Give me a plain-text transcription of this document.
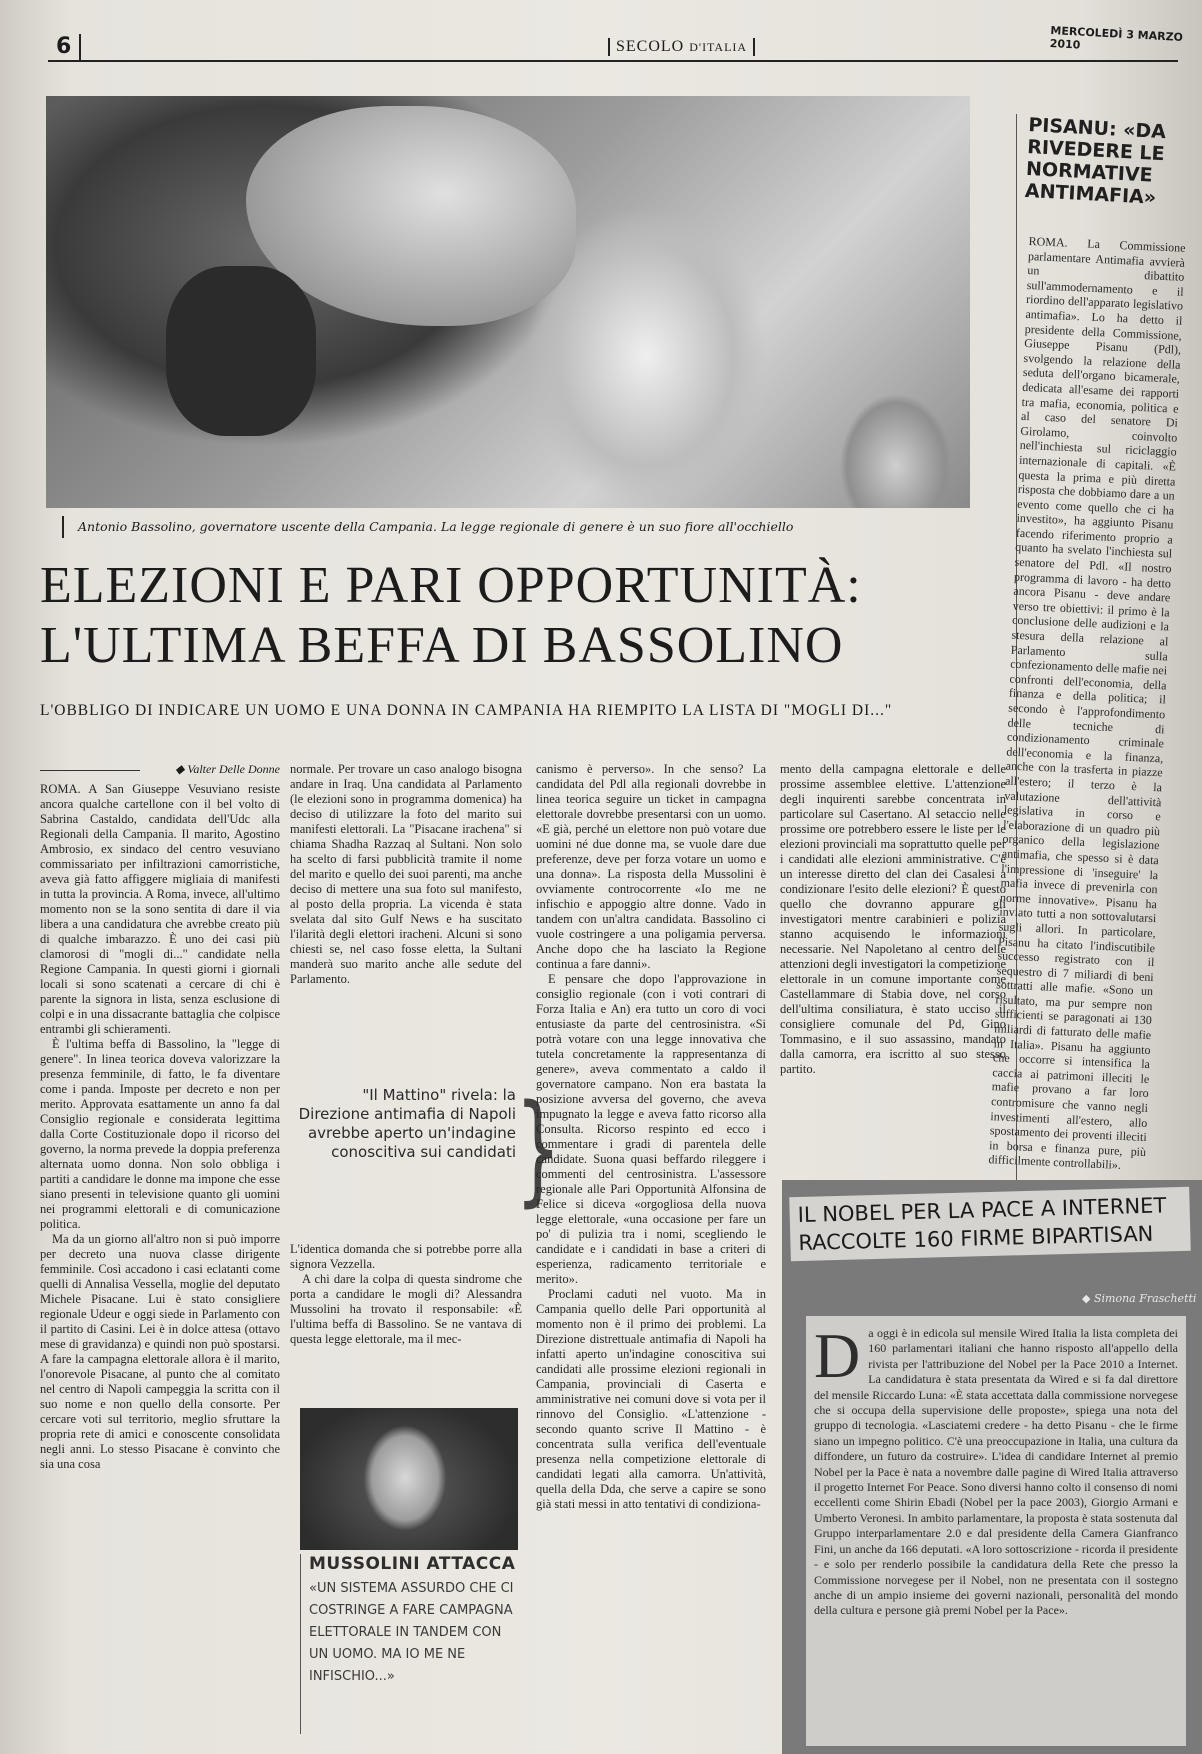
6	SECOLO D'ITALIA
MERCOLEDÌ 3 MARZO 2010
Antonio Bassolino, governatore uscente della Campania. La legge regionale di genere è un suo fiore all'occhiello
ELEZIONI E PARI OPPORTUNITÀ:
L'ULTIMA BEFFA DI BASSOLINO
L'OBBLIGO DI INDICARE UN UOMO E UNA DONNA IN CAMPANIA HA RIEMPITO LA LISTA DI "MOGLI DI..."
◆ Valter Delle Donne

ROMA. A San Giuseppe Vesuviano resiste ancora qualche cartellone con il bel volto di Sabrina Castaldo, candidata dell'Udc alla Regionali della Campania. Il marito, Agostino Ambrosio, ex sindaco del centro vesuviano commissariato per infiltrazioni camorristiche, aveva già fatto affiggere migliaia di manifesti in tutta la provincia. A Roma, invece, all'ultimo momento non se la sono sentita di dare il via libera a una candidatura che avrebbe creato più di qualche imbarazzo. È uno dei casi più clamorosi di "mogli di..." candidate nella Regione Campania. In questi giorni i giornali locali si sono scatenati a cercare di chi è parente la signora in lista, senza esclusione di colpi e in una dissacrante battaglia che colpisce entrambi gli schieramenti.

È l'ultima beffa di Bassolino, la "legge di genere". In linea teorica doveva valorizzare la presenza femminile, di fatto, le fa diventare come i panda. Imposte per decreto e non per merito. Approvata esattamente un anno fa dal Consiglio regionale e considerata legittima dalla Corte Costituzionale dopo il ricorso del governo, la norma prevede la doppia preferenza alternata uomo donna. Non solo obbliga i partiti a candidare le donne ma impone che esse siano presenti in televisione quanto gli uomini nei programmi elettorali e di comunicazione politica.

Ma da un giorno all'altro non si può imporre per decreto una nuova classe dirigente femminile. Così accadono i casi eclatanti come quelli di Annalisa Vessella, moglie del deputato Michele Pisacane. Lui è stato consigliere regionale Udeur e oggi siede in Parlamento con il partito di Casini. Lei è in dolce attesa (ottavo mese di gravidanza) e quindi non può spostarsi. A fare la campagna elettorale allora è il marito, l'onorevole Pisacane, al punto che al comitato nel centro di Napoli campeggia la scritta con il suo nome e non quello della consorte. Per cercare voti sul territorio, meglio sfruttare la propria rete di amici e conoscente consolidata negli anni. Lo stesso Pisacane è convinto che sia una cosa

normale. Per trovare un caso analogo bisogna andare in Iraq. Una candidata al Parlamento (le elezioni sono in programma domenica) ha deciso di utilizzare la foto del marito sui manifesti elettorali. La "Pisacane irachena" si chiama Shadha Razzaq al Sultani. Non solo ha scelto di farsi pubblicità tramite il nome del marito e quello dei suoi parenti, ma anche deciso di mettere una sua foto sul manifesto, al posto della propria. La vicenda è stata svelata dal sito Gulf News e ha suscitato l'ilarità degli elettori iracheni. Alcuni si sono chiesti se, nel caso fosse eletta, la Sultani manderà suo marito anche alle sedute del Parlamento.

"Il Mattino" rivela: la Direzione antimafia di Napoli avrebbe aperto un'indagine conoscitiva sui candidati }

L'identica domanda che si potrebbe porre alla signora Vezzella.

A chi dare la colpa di questa sindrome che porta a candidare le mogli di? Alessandra Mussolini ha trovato il responsabile: «È l'ultima beffa di Bassolino. Se ne vantava di questa legge elettorale, ma il mec-

MUSSOLINI ATTACCA
«UN SISTEMA ASSURDO CHE CI COSTRINGE A FARE CAMPAGNA ELETTORALE IN TANDEM CON UN UOMO. MA IO ME NE INFISCHIO...»

canismo è perverso». In che senso? La candidata del Pdl alla regionali dovrebbe in linea teorica seguire un ticket in campagna elettorale dovrebbe presentarsi con un uomo. «E già, perché un elettore non può votare due uomini né due donne ma, se vuole dare due preferenze, deve per forza votare un uomo e una donna». La risposta della Mussolini è ovviamente controcorrente «Io me ne infischio e appoggio altre donne. Vado in tandem con un'altra candidata. Bassolino ci vuole costringere a una poligamia perversa. Anche dopo che ha lasciato la Regione continua a fare danni».

E pensare che dopo l'approvazione in consiglio regionale (con i voti contrari di Forza Italia e An) era tutto un coro di voci entusiaste da parte del centrosinistra. «Si potrà votare con una legge innovativa che tutela concretamente la rappresentanza di genere», aveva commentato a caldo il governatore campano. Non era bastata la posizione avversa del governo, che aveva impugnato la legge e aveva fatto ricorso alla Consulta. Ricorso respinto ed ecco i commentare i gradi di parentela delle candidate. Suona quasi beffardo rileggere i commenti del centrosinistra. L'assessore regionale alle Pari Opportunità Alfonsina de Felice si diceva «orgogliosa della nuova legge elettorale, «una occasione per fare un po' di pulizia tra i nomi, scegliendo le candidate e i candidati in base a criteri di esperienza, radicamento territoriale e merito».

Proclami caduti nel vuoto. Ma in Campania quello delle Pari opportunità al momento non è il primo dei problemi. La Direzione distrettuale antimafia di Napoli ha infatti aperto un'indagine conoscitiva sui candidati alle prossime elezioni regionali in Campania, provinciali di Caserta e amministrative nei comuni dove si vota per il rinnovo del Consiglio. «L'attenzione - secondo quanto scrive Il Mattino - è concentrata sulla verifica dell'eventuale presenza nella competizione elettorale di candidati legati alla camorra. Un'attività, quella della Dda, che serve a capire se sono già stati messi in atto tentativi di condiziona-

mento della campagna elettorale e delle prossime assemblee elettive. L'attenzione degli inquirenti sarebbe concentrata in particolare sul Casertano. Al setaccio nelle prossime ore potrebbero essere le liste per le elezioni provinciali ma soprattutto quelle per i candidati alle elezioni amministrative. C'è un interesse diretto del clan dei Casalesi a condizionare l'esito delle elezioni? È questo quello che dovranno appurare gli investigatori mentre carabinieri e polizia stanno acquisendo le informazioni necessarie. Nel Napoletano al centro delle attenzioni degli investigatori la competizione elettorale in un comune importante come Castellammare di Stabia dove, nel corso dell'ultima consiliatura, è stato ucciso il consigliere comunale del Pd, Gino Tommasino, e il suo assassino, mandato dalla camorra, era iscritto al suo stesso partito.

PISANU: «DA RIVEDERE LE NORMATIVE ANTIMAFIA»
ROMA. La Commissione parlamentare Antimafia avvierà un dibattito sull'ammodernamento e il riordino dell'apparato legislativo antimafia». Lo ha detto il presidente della Commissione, Giuseppe Pisanu (Pdl), svolgendo la relazione della seduta dell'organo bicamerale, dedicata all'esame dei rapporti tra mafia, economia, politica e al caso del senatore Di Girolamo, coinvolto nell'inchiesta sul riciclaggio internazionale di capitali. «È questa la prima e più diretta risposta che dobbiamo dare a un evento come quello che ci ha investito», ha aggiunto Pisanu facendo riferimento proprio a quanto ha svelato l'inchiesta sul senatore del Pdl. «Il nostro programma di lavoro - ha detto ancora Pisanu - deve andare verso tre obiettivi: il primo è la conclusione delle audizioni e la stesura della relazione al Parlamento sulla confezionamento delle mafie nei confronti dell'economia, della finanza e della politica; il secondo è l'approfondimento delle tecniche di condizionamento criminale dell'economia e la finanza, anche con la trasferta in piazze all'estero; il terzo è la valutazione dell'attività legislativa in corso e l'elaborazione di un quadro più organico della legislazione antimafia, che spesso si è data l'impressione di 'inseguire' la mafia invece di prevenirla con norme innovative». Pisanu ha inviato tutti a non sottovalutarsi sugli allori. In particolare, Pisanu ha citato l'indiscutibile successo registrato con il sequestro di 7 miliardi di beni sottratti alle mafie. «Sono un risultato, ma pur sempre non sufficienti se paragonati ai 130 miliardi di fatturato delle mafie in Italia». Pisanu ha aggiunto che occorre si intensifica la caccia ai patrimoni illeciti le mafie provano a far loro contromisure che vanno negli investimenti all'estero, allo spostamento dei proventi illeciti in borsa e finanza pure, più difficilmente controllabili».
IL NOBEL PER LA PACE A INTERNET RACCOLTE 160 FIRME BIPARTISAN
◆ Simona Fraschetti
D a oggi è in edicola sul mensile Wired Italia la lista completa dei 160 parlamentari italiani che hanno risposto all'appello della rivista per l'attribuzione del Nobel per la Pace 2010 a Internet. La candidatura è stata presentata da Wired e si fa dal direttore del mensile Riccardo Luna: «È stata accettata dalla commissione norvegese che si occupa della supervisione delle proposte», spiega una nota del gruppo di tecnologia. «Lasciatemi credere - ha detto Pisanu - che le firme siano un impegno politico. C'è una preoccupazione in Italia, una cultura da diffondere, un futuro da costruire». L'idea di candidare Internet al premio Nobel per la Pace è nata a novembre dalle pagine di Wired Italia attraverso il progetto Internet For Peace. Sono diversi hanno colto il consenso di nomi eccellenti come Shirin Ebadi (Nobel per la pace 2003), Giorgio Armani e Umberto Veronesi. In ambito parlamentare, la proposta è stata sostenuta dal Gruppo interparlamentare 2.0 e dal presidente della Camera Gianfranco Fini, un anche da 166 deputati. «A loro sottoscrizione - ricorda il presidente - e solo per renderlo possibile la candidatura della Rete che presso la Commissione norvegese per il Nobel, non ne presentata con il sostegno anche di un ampio insieme dei governi nazionali, personalità del mondo della cultura e persone già premi Nobel per la Pace».
